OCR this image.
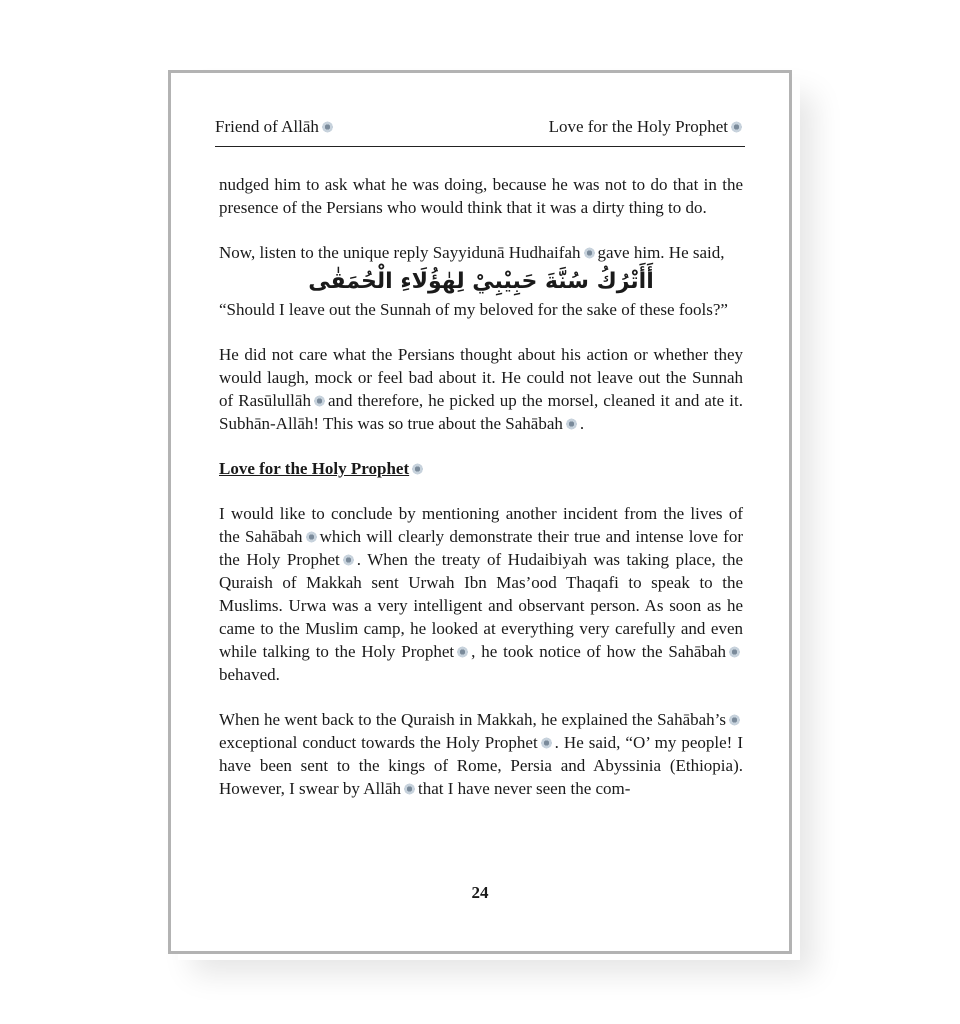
Friend of Allāh	Love for the Holy Prophet

nudged him to ask what he was doing, because he was not to do that in the presence of the Persians who would think that it was a dirty thing to do.

Now, listen to the unique reply Sayyidunā Hudhaifah gave him. He said,

أَأَتْرُكُ سُنَّةَ حَبِيْبِيْ لِهٰؤُلَاءِ الْحُمَقٰى

“Should I leave out the Sunnah of my beloved for the sake of these fools?”

He did not care what the Persians thought about his action or whether they would laugh, mock or feel bad about it. He could not leave out the Sunnah of Rasūlullāh and therefore, he picked up the morsel, cleaned it and ate it. Subhān-Allāh! This was so true about the Sahābah .

Love for the Holy Prophet

I would like to conclude by mentioning another incident from the lives of the Sahābah which will clearly demonstrate their true and intense love for the Holy Prophet . When the treaty of Hudaibiyah was taking place, the Quraish of Makkah sent Urwah Ibn Mas’ood Thaqafi to speak to the Muslims. Urwa was a very intelligent and observant person. As soon as he came to the Muslim camp, he looked at everything very carefully and even while talking to the Holy Prophet , he took notice of how the Sahābahbehaved.

When he went back to the Quraish in Makkah, he explained the Sahābah’sexceptional conduct towards the Holy Prophet . He said, “O’ my people! I have been sent to the kings of Rome, Persia and Abyssinia (Ethiopia). However, I swear by Allāh that I have never seen the com-

24
